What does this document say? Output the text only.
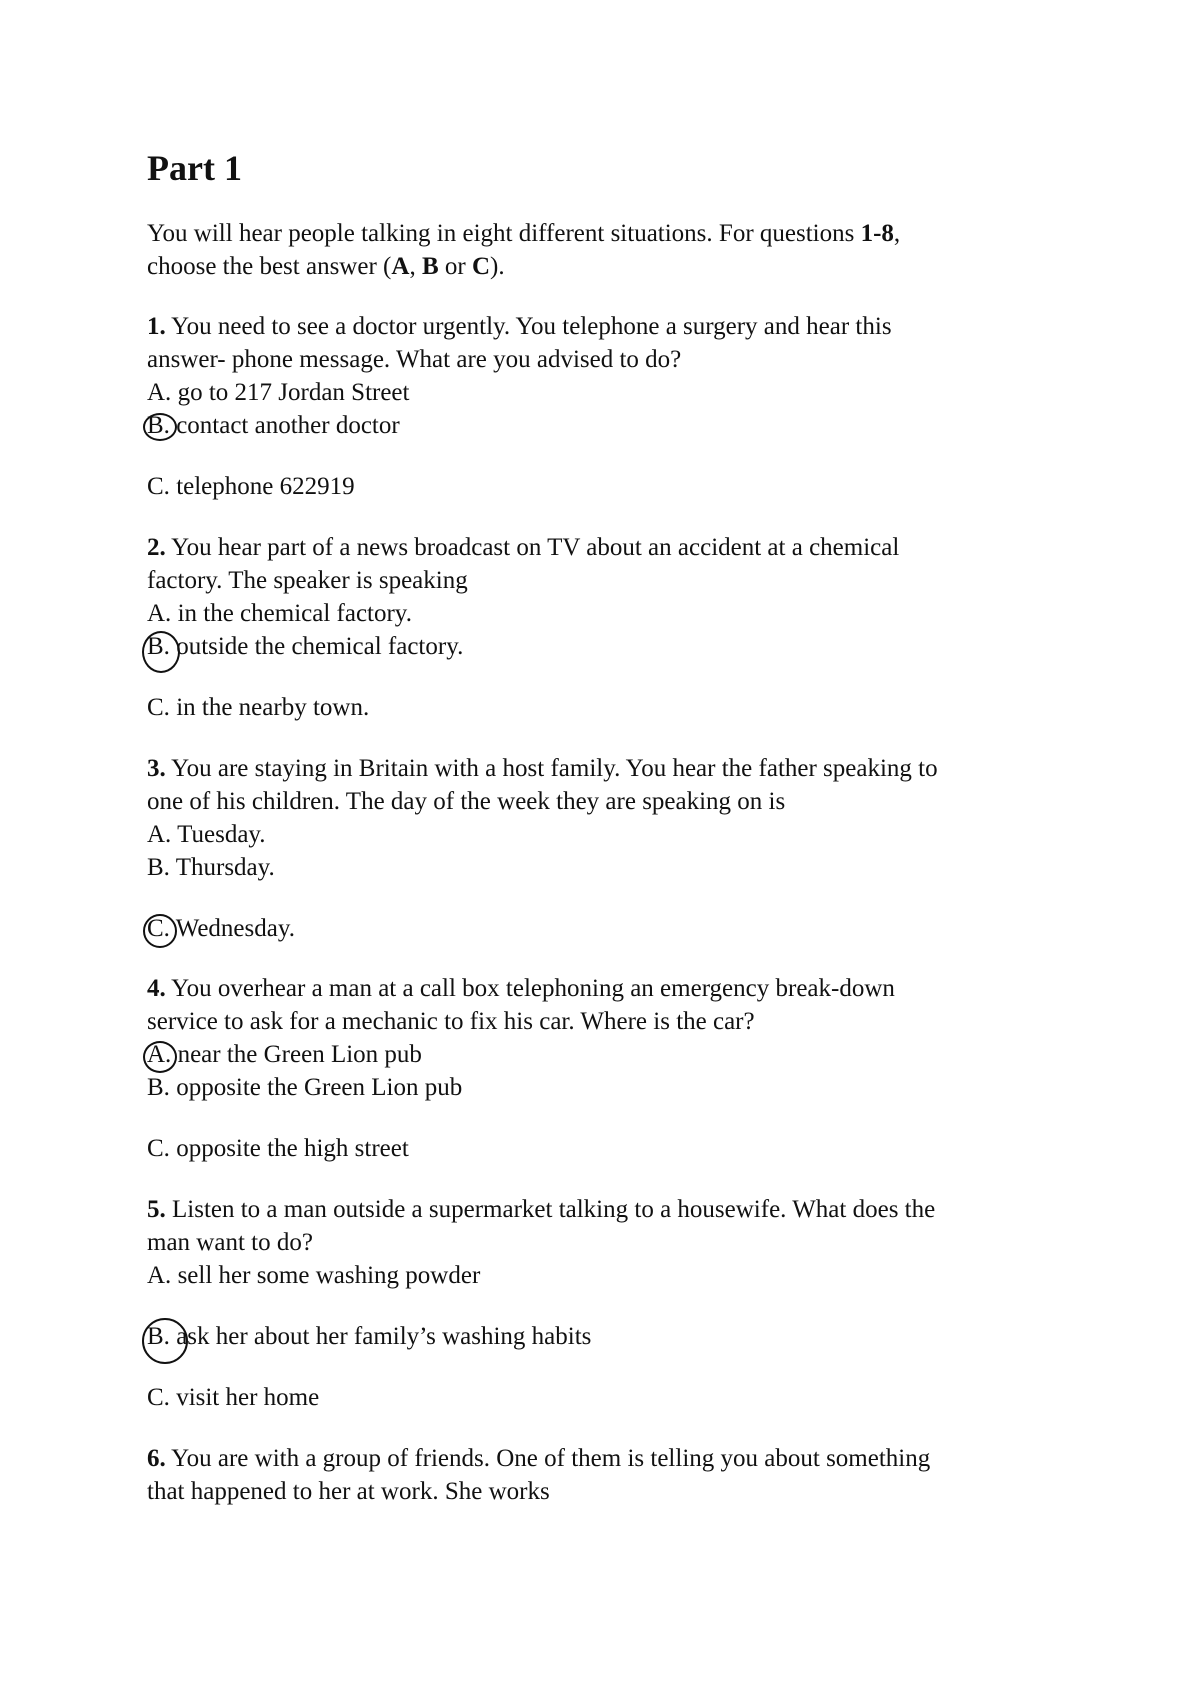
Part 1

You will hear people talking in eight different situations. For questions 1-8,

choose the best answer (A, B or C).

1. You need to see a doctor urgently. You telephone a surgery and hear this

answer- phone message. What are you advised to do?

A. go to 217 Jordan Street

B.
contact another doctor

C. telephone 622919

2. You hear part of a news broadcast on TV about an accident at a chemical

factory. The speaker is speaking

A. in the chemical factory.

B.
outside the chemical factory.

C. in the nearby town.

3. You are staying in Britain with a host family. You hear the father speaking to

one of his children. The day of the week they are speaking on is

A. Tuesday.

B. Thursday.

C.
Wednesday.

4. You overhear a man at a call box telephoning an emergency break-down

service to ask for a mechanic to fix his car. Where is the car?

A.
near the Green Lion pub

B. opposite the Green Lion pub

C. opposite the high street

5. Listen to a man outside a supermarket talking to a housewife. What does the

man want to do?

A. sell her some washing powder

B.
ask her about her family’s washing habits

C. visit her home

6. You are with a group of friends. One of them is telling you about something

that happened to her at work. She works
